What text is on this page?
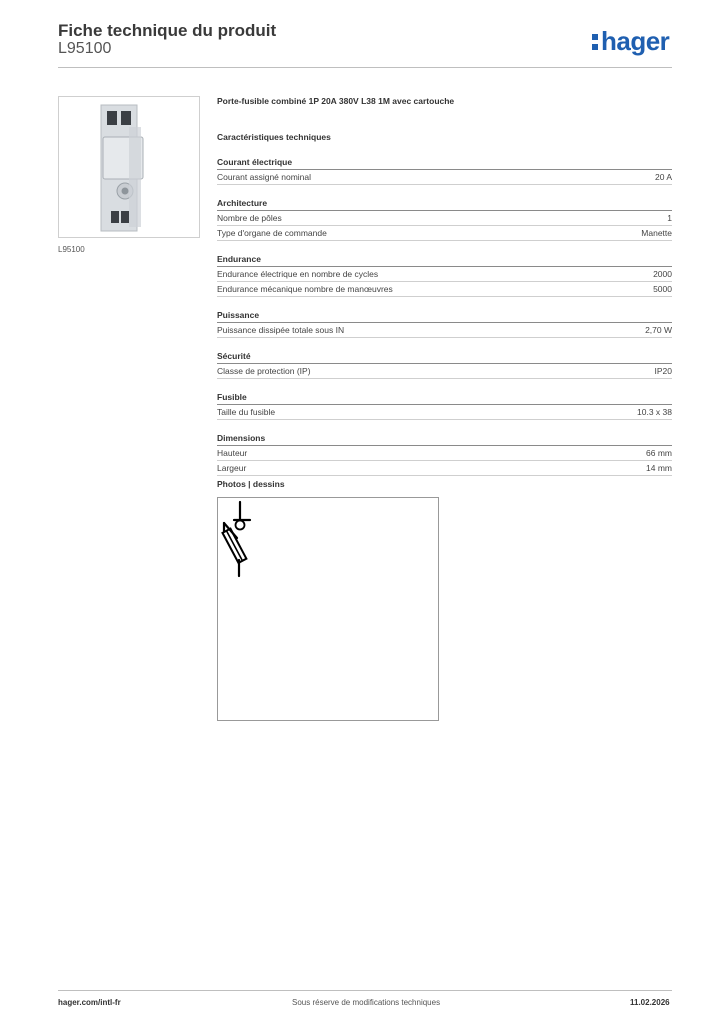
Fiche technique du produit
L95100	hager
L95100
Porte-fusible combiné 1P 20A 380V L38 1M avec cartouche
Caractéristiques techniques
Courant électrique
Courant assigné nominal	20 A
Architecture
Nombre de pôles	1
Type d'organe de commande	Manette
Endurance
Endurance électrique en nombre de cycles	2000
Endurance mécanique nombre de manœuvres	5000
Puissance
Puissance dissipée totale sous IN	2,70 W
Sécurité
Classe de protection (IP)	IP20
Fusible
Taille du fusible	10.3 x 38
Dimensions
Hauteur	66 mm
Largeur	14 mm
Photos | dessins
hager.com/intl-fr	Sous réserve de modifications techniques	11.02.2026
